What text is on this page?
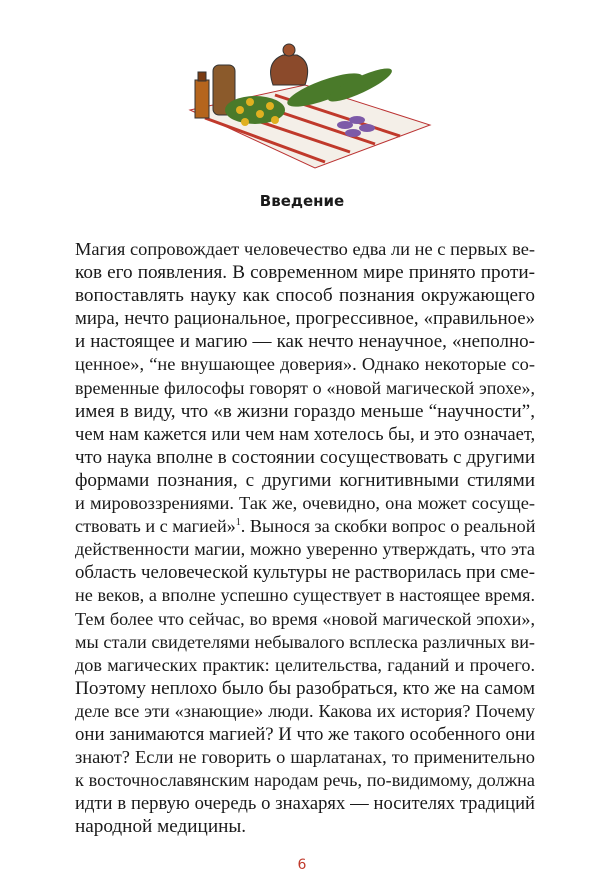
Введение
Магия сопровождает человечество едва ли не с первых ве-
ков его появления. В современном мире принято проти-
вопоставлять науку как способ познания окружающего
мира, нечто рациональное, прогрессивное, «правильное»
и настоящее и магию — как нечто ненаучное, «неполно-
ценное», “не внушающее доверия». Однако некоторые со-
временные философы говорят о «новой магической эпохе»,
имея в виду, что «в жизни гораздо меньше “научности”,
чем нам кажется или чем нам хотелось бы, и это означает,
что наука вполне в состоянии сосуществовать с другими
формами познания, с другими когнитивными стилями
и мировоззрениями. Так же, очевидно, она может сосуще-
ствовать и с магией»$^1$. Вынося за скобки вопрос о реальной
действенности магии, можно уверенно утверждать, что эта
область человеческой культуры не растворилась при сме-
не веков, а вполне успешно существует в настоящее время.
Тем более что сейчас, во время «новой магической эпохи»,
мы стали свидетелями небывалого всплеска различных ви-
дов магических практик: целительства, гаданий и прочего.
Поэтому неплохо было бы разобраться, кто же на самом
деле все эти «знающие» люди. Какова их история? Почему
они занимаются магией? И что же такого особенного они
знают? Если не говорить о шарлатанах, то применительно
к восточнославянским народам речь, по-видимому, должна
идти в первую очередь о знахарях — носителях традиций
народной медицины.
6
